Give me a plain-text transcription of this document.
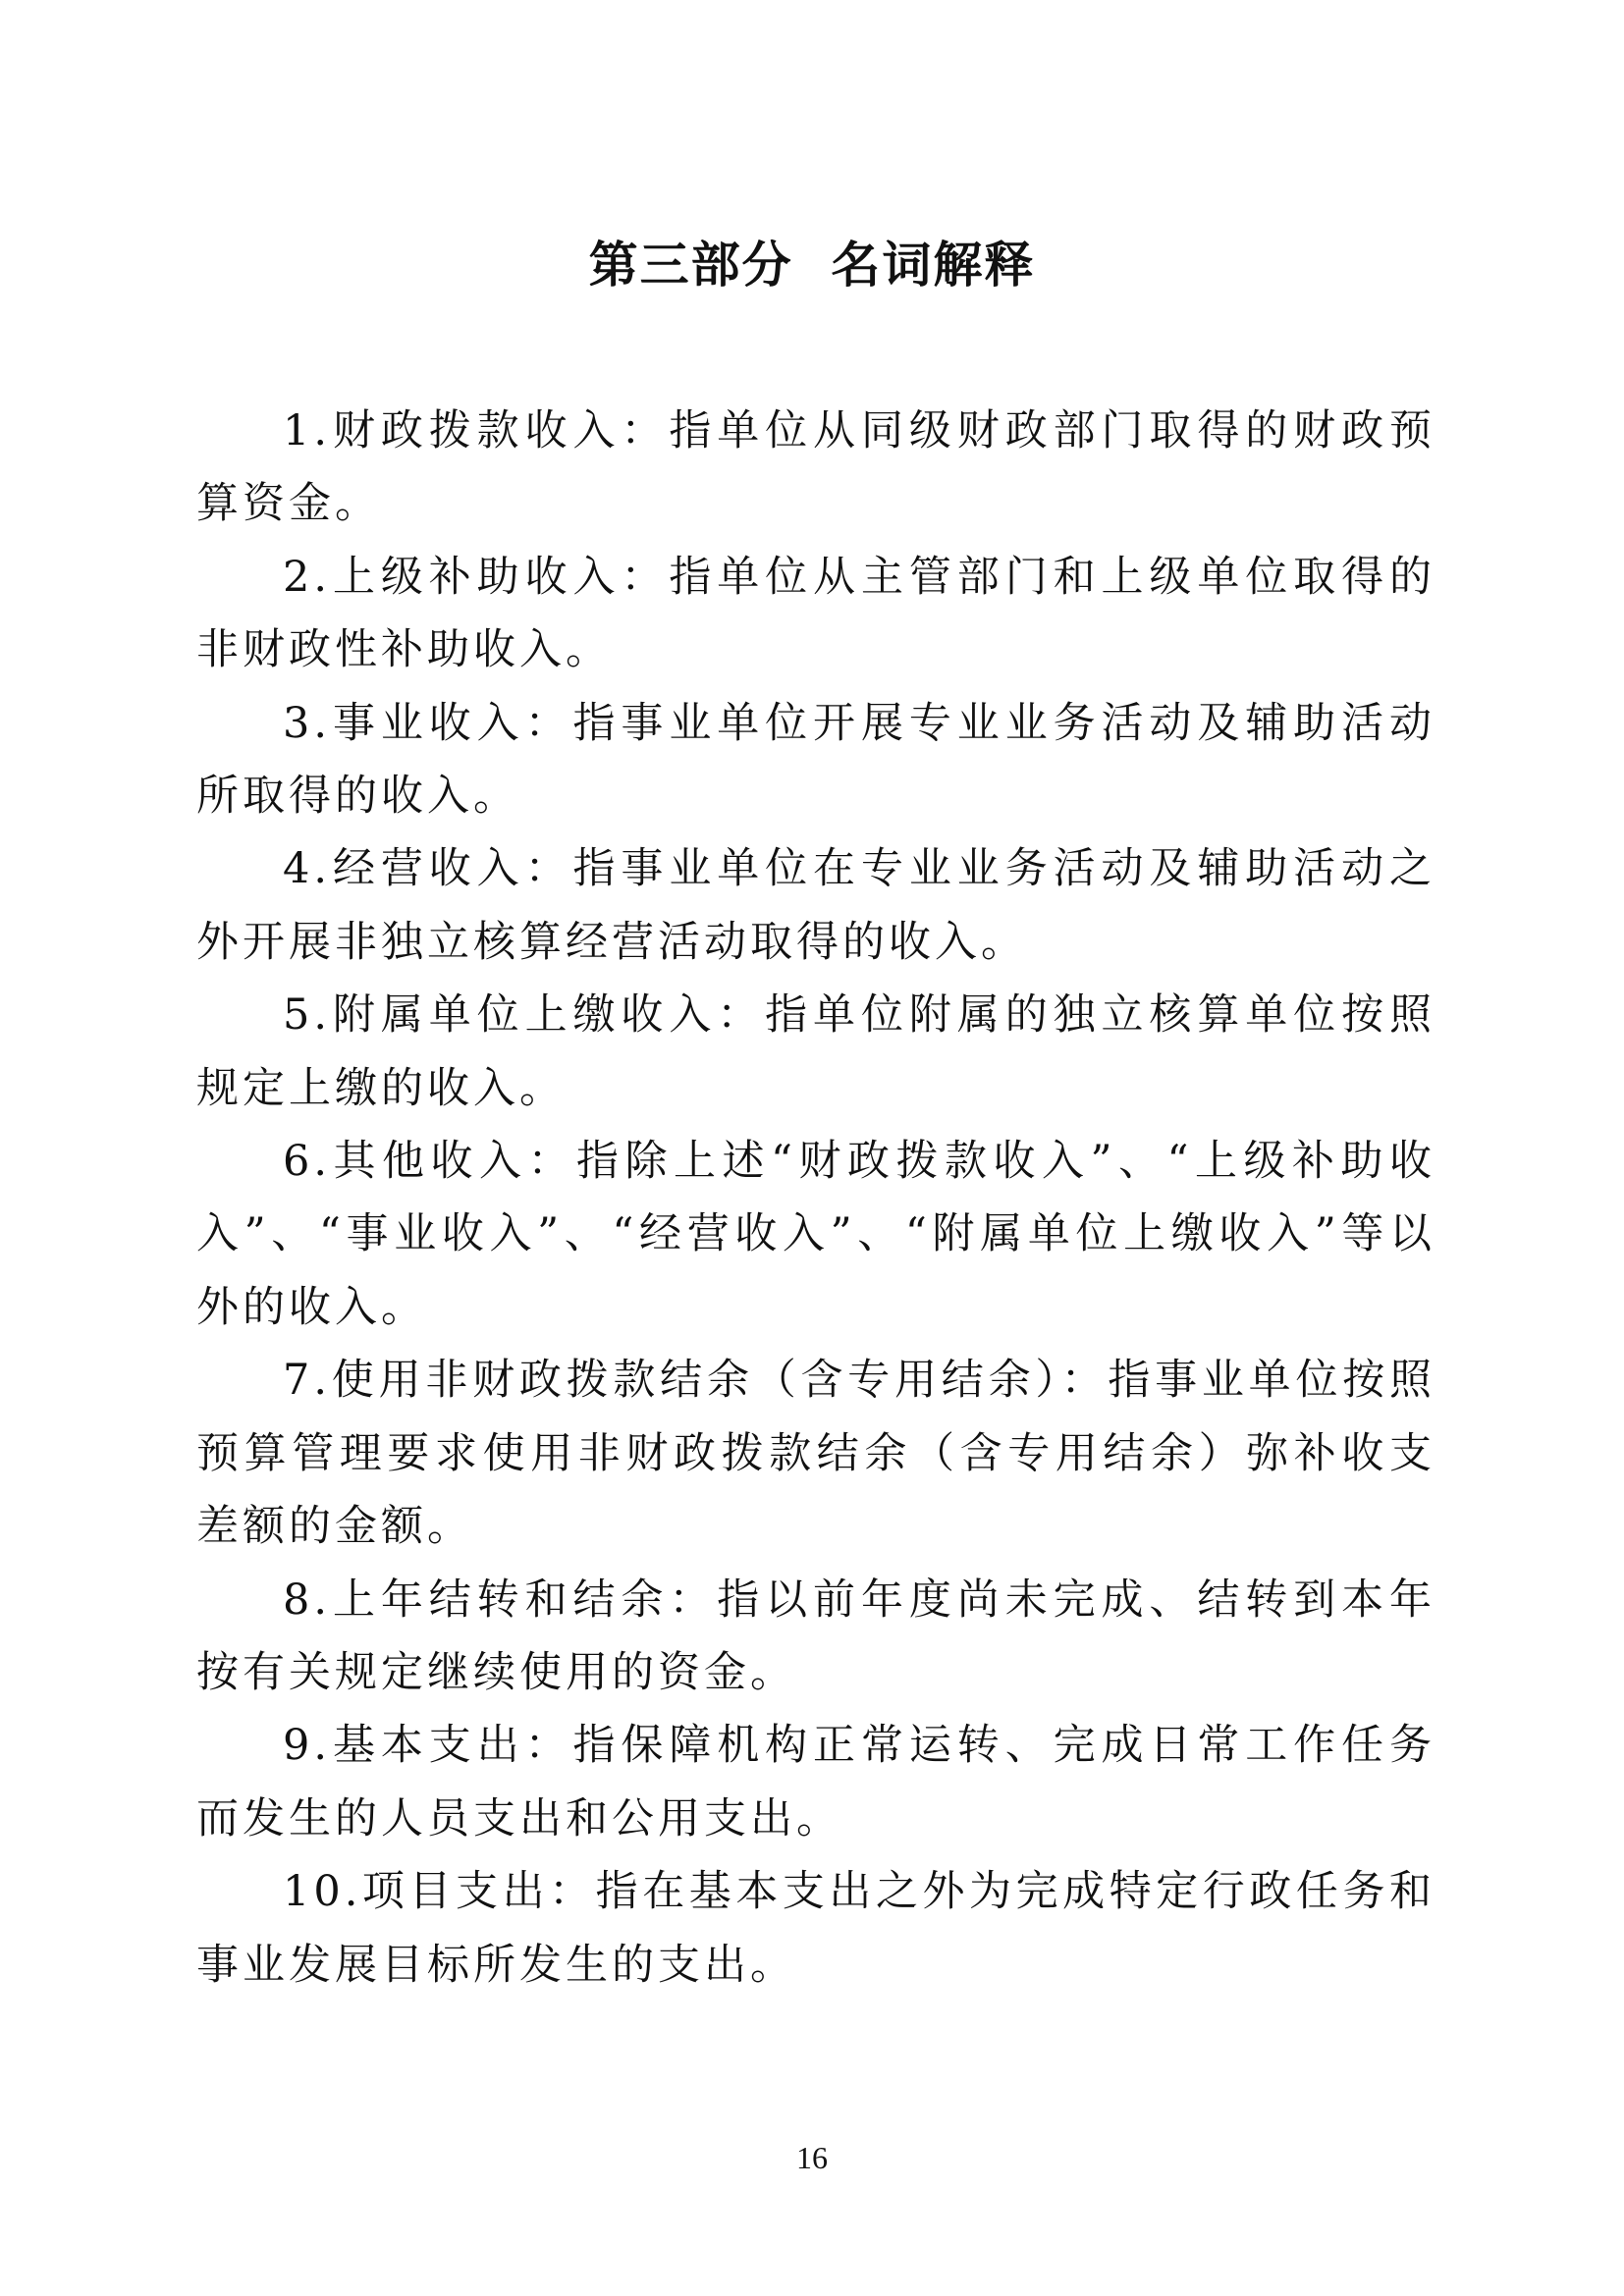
第三部分  名词解释

1.财政拨款收入：指单位从同级财政部门取得的财政预算资金。

2.上级补助收入：指单位从主管部门和上级单位取得的非财政性补助收入。

3.事业收入：指事业单位开展专业业务活动及辅助活动所取得的收入。

4.经营收入：指事业单位在专业业务活动及辅助活动之外开展非独立核算经营活动取得的收入。

5.附属单位上缴收入：指单位附属的独立核算单位按照规定上缴的收入。

6.其他收入：指除上述“财政拨款收入”、“上级补助收入”、“事业收入”、“经营收入”、“附属单位上缴收入”等以外的收入。

7.使用非财政拨款结余（含专用结余）：指事业单位按照预算管理要求使用非财政拨款结余（含专用结余）弥补收支差额的金额。

8.上年结转和结余：指以前年度尚未完成、结转到本年按有关规定继续使用的资金。

9.基本支出：指保障机构正常运转、完成日常工作任务而发生的人员支出和公用支出。

10.项目支出：指在基本支出之外为完成特定行政任务和事业发展目标所发生的支出。

16
